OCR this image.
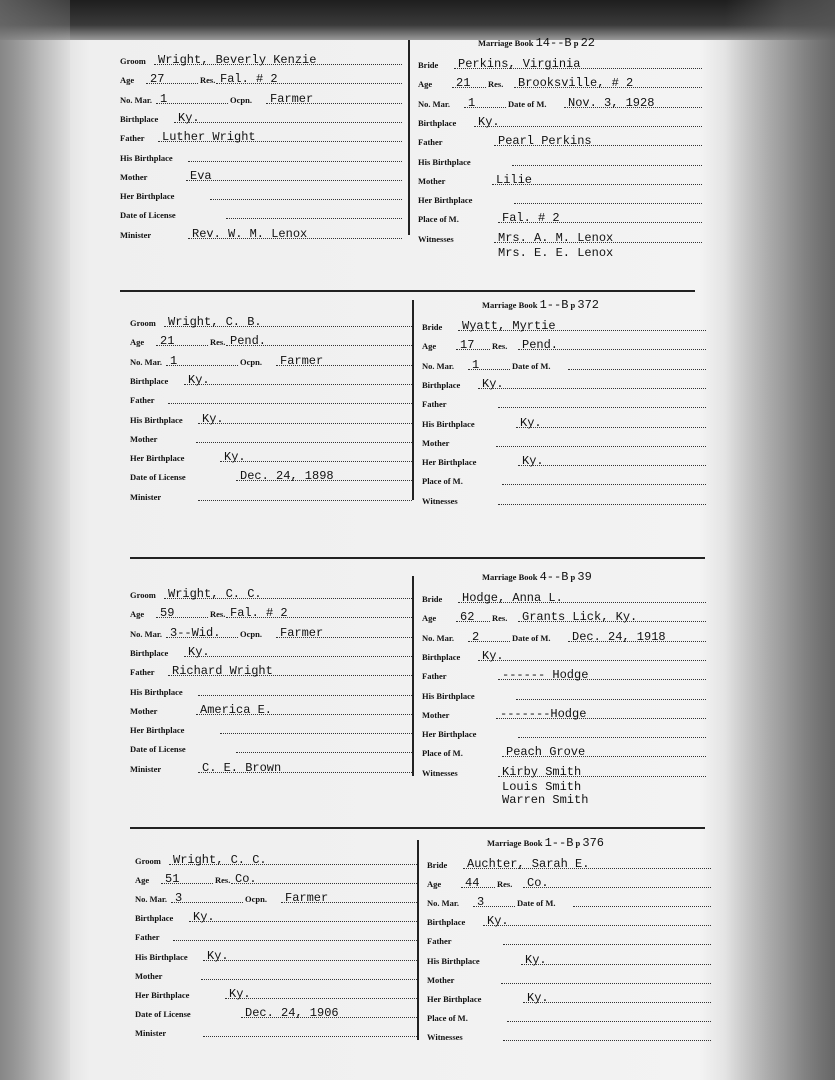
Marriage Book 14--B p 22
Groom Wright, Beverly Kenzie
Age 27	Res. Fal. # 2
No. Mar. 1	Ocpn. Farmer
Birthplace Ky.
Father Luther Wright
His Birthplace
Mother	Eva
Her Birthplace
Date of License
Minister	Rev. W. M. Lenox
Bride Perkins, Virginia
Age 21 Res. Brooksville, # 2
No. Mar. 1	Date of M. Nov. 3, 1928
Birthplace Ky.
Father	Pearl Perkins
His Birthplace
Mother	Lilie
Her Birthplace
Place of M.	Fal. # 2
Witnesses	Mrs. A. M. Lenox
Mrs. E. E. Lenox
Marriage Book 1--B p 372
Groom Wright, C. B.
Age 21	Res. Pend.
No. Mar. 1	Ocpn. Farmer
Birthplace Ky.
Father
His Birthplace Ky.
Mother
Her Birthplace	Ky.
Date of License	Dec. 24, 1898
Minister
Bride Wyatt, Myrtie
Age 17 Res. Pend.
No. Mar. 1	Date of M.
Birthplace Ky.
Father
His Birthplace	Ky.
Mother
Her Birthplace	Ky.
Place of M.
Witnesses
Marriage Book 4--B p 39
Groom Wright, C. C.
Age 59	Res. Fal. # 2
No. Mar. 3--Wid. Ocpn. Farmer
Birthplace Ky.
Father Richard Wright
His Birthplace
Mother	America E.
Her Birthplace
Date of License
Minister	C. E. Brown
Bride Hodge, Anna L.
Age 62 Res. Grants Lick, Ky.
No. Mar. 2	Date of M. Dec. 24, 1918
Birthplace Ky.
Father	------ Hodge
His Birthplace
Mother	-------Hodge
Her Birthplace
Place of M.	Peach Grove
Witnesses	Kirby Smith
Louis Smith
Warren Smith
Marriage Book 1--B p 376
Groom Wright, C. C.
Age 51	Res. Co.
No. Mar. 3	Ocpn. Farmer
Birthplace Ky.
Father
His Birthplace Ky.
Mother
Her Birthplace	Ky.
Date of License	Dec. 24, 1906
Minister
Bride Auchter, Sarah E.
Age 44 Res. Co.
No. Mar. 3	Date of M.
Birthplace Ky.
Father
His Birthplace	Ky.
Mother
Her Birthplace	Ky.
Place of M.
Witnesses
